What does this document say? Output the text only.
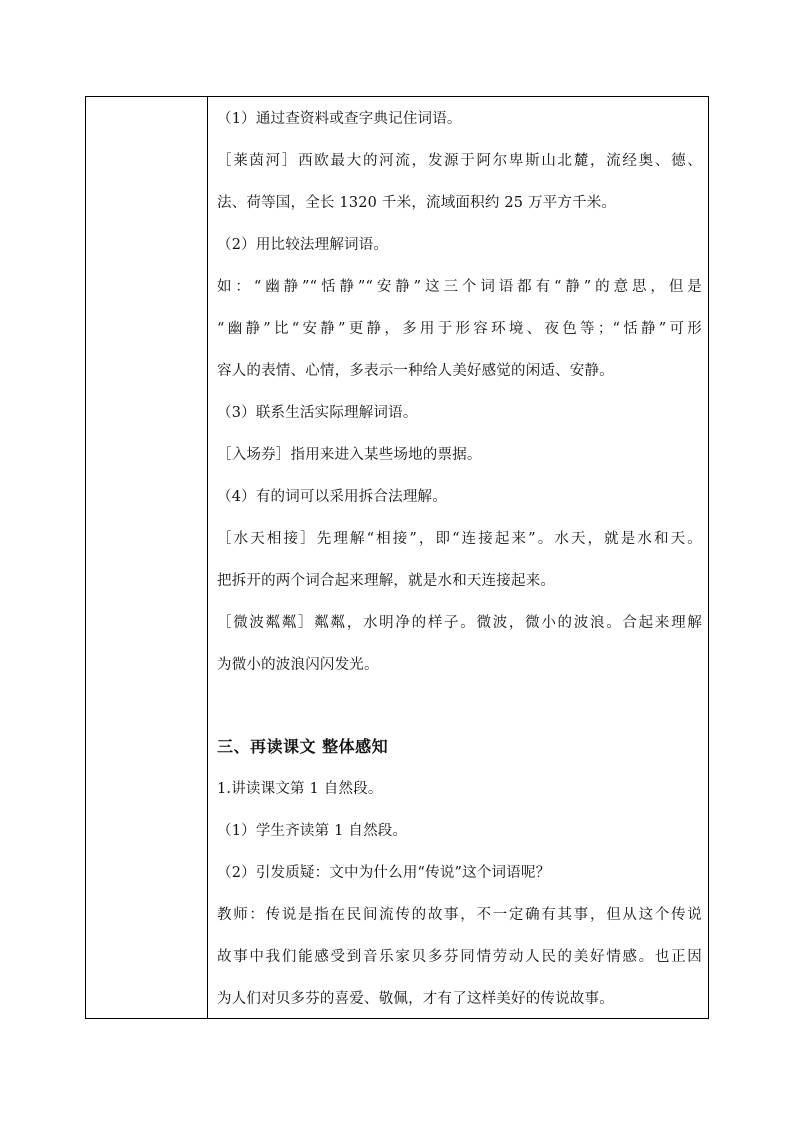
（1）通过查资料或查字典记住词语。
［莱茵河］西欧最大的河流，发源于阿尔卑斯山北麓，流经奥、德、
法、荷等国，全长 1320 千米，流域面积约 25 万平方千米。
（2）用比较法理解词语。
如：“幽静”“恬静”“安静”这三个词语都有“静”的意思，但是
“幽静”比“安静”更静，多用于形容环境、夜色等；“恬静”可形
容人的表情、心情，多表示一种给人美好感觉的闲适、安静。
（3）联系生活实际理解词语。
［入场券］指用来进入某些场地的票据。
（4）有的词可以采用拆合法理解。
［水天相接］先理解“相接”，即“连接起来”。水天，就是水和天。
把拆开的两个词合起来理解，就是水和天连接起来。
［微波粼粼］粼粼，水明净的样子。微波，微小的波浪。合起来理解
为微小的波浪闪闪发光。
三、再读课文 整体感知
1.讲读课文第 1 自然段。
（1）学生齐读第 1 自然段。
（2）引发质疑：文中为什么用“传说”这个词语呢？
教师：传说是指在民间流传的故事，不一定确有其事，但从这个传说
故事中我们能感受到音乐家贝多芬同情劳动人民的美好情感。也正因
为人们对贝多芬的喜爱、敬佩，才有了这样美好的传说故事。
